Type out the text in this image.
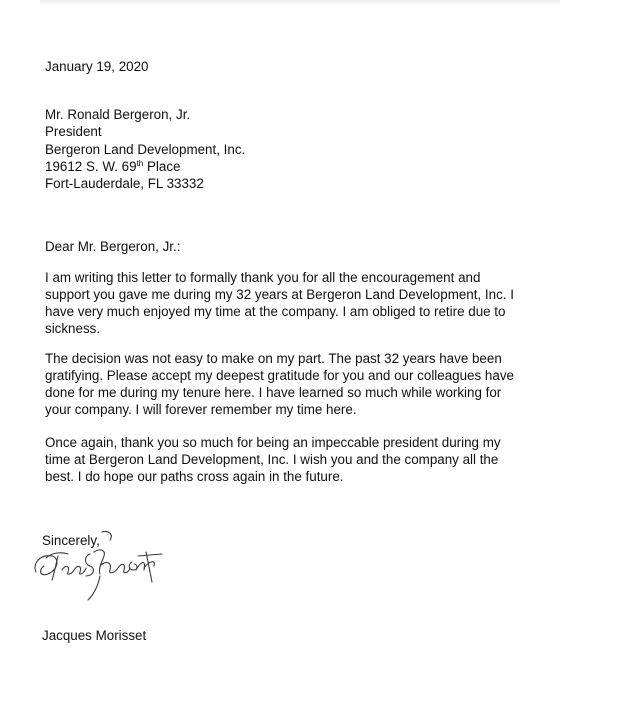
January 19, 2020
Mr. Ronald Bergeron, Jr.
President
Bergeron Land Development, Inc.
19612 S. W. 69th Place
Fort-Lauderdale, FL 33332
Dear Mr. Bergeron, Jr.:

I am writing this letter to formally thank you for all the encouragement and

support you gave me during my 32 years at Bergeron Land Development, Inc. I

have very much enjoyed my time at the company. I am obliged to retire due to

sickness.

The decision was not easy to make on my part. The past 32 years have been

gratifying. Please accept my deepest gratitude for you and our colleagues have

done for me during my tenure here. I have learned so much while working for

your company. I will forever remember my time here.

Once again, thank you so much for being an impeccable president during my

time at Bergeron Land Development, Inc. I wish you and the company all the

best. I do hope our paths cross again in the future.

Sincerely,
Jacques Morisset
